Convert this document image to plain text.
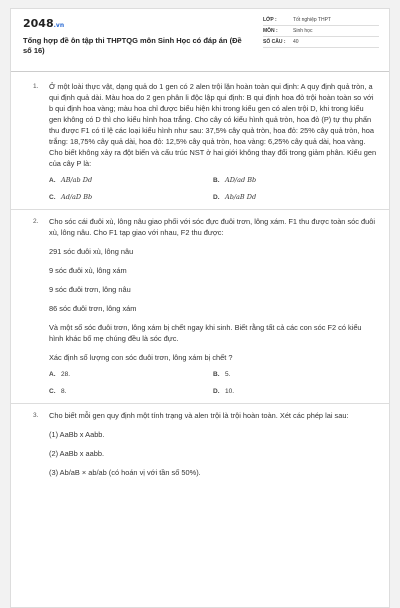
2048.vn
Tổng hợp đề ôn tập thi THPTQG môn Sinh Học có đáp án (Đề số 16)
LỚP :	Tốt nghiệp THPT
MÔN :	Sinh học
SỐ CÂU :	40
1. Ở một loài thực vật, dạng quả do 1 gen có 2 alen trội lặn hoàn toàn qui định: A quy định quả tròn, a qui định quả dài. Màu hoa do 2 gen phân li độc lập qui định: B qui định hoa đỏ trội hoàn toàn so với b qui định hoa vàng; màu hoa chỉ được biểu hiện khi trong kiểu gen có alen trội D, khi trong kiểu gen không có D thì cho kiểu hình hoa trắng. Cho cây có kiểu hình quả tròn, hoa đỏ (P) tự thụ phấn thu được F1 có tỉ lệ các loại kiểu hình như sau: 37,5% cây quả tròn, hoa đỏ: 25% cây quả tròn, hoa trắng: 18,75% cây quả dài, hoa đỏ: 12,5% cây quả tròn, hoa vàng: 6,25% cây quả dài, hoa vàng. Cho biết không xảy ra đột biến và cấu trúc NST ở hai giới không thay đổi trong giảm phân. Kiểu gen của cây P là:
A. AB/ab Dd	B. AD/ad Bb
C. Ad/aD Bb	D. Ab/aB Dd
2. Cho sóc cái đuôi xù, lông nâu giao phối với sóc đực đuôi trơn, lông xám. F1 thu được toàn sóc đuôi xù, lông nâu. Cho F1 tạp giao với nhau, F2 thu được:
291 sóc đuôi xù, lông nâu
9 sóc đuôi xù, lông xám
9 sóc đuôi trơn, lông nâu
86 sóc đuôi trơn, lông xám
Và một số sóc đuôi trơn, lông xám bị chết ngay khi sinh. Biết rằng tất cả các con sóc F2 có kiểu hình khác bố mẹ chúng đều là sóc đực.
Xác định số lượng con sóc đuôi trơn, lông xám bị chết ?
A. 28.	B. 5.
C. 8.	D. 10.
3. Cho biết mỗi gen quy định một tính trạng và alen trội là trội hoàn toàn. Xét các phép lai sau:
(1) AaBb x Aabb.
(2) AaBb x aabb.
(3) Ab/aB × ab/ab (có hoán vị với tần số 50%).
